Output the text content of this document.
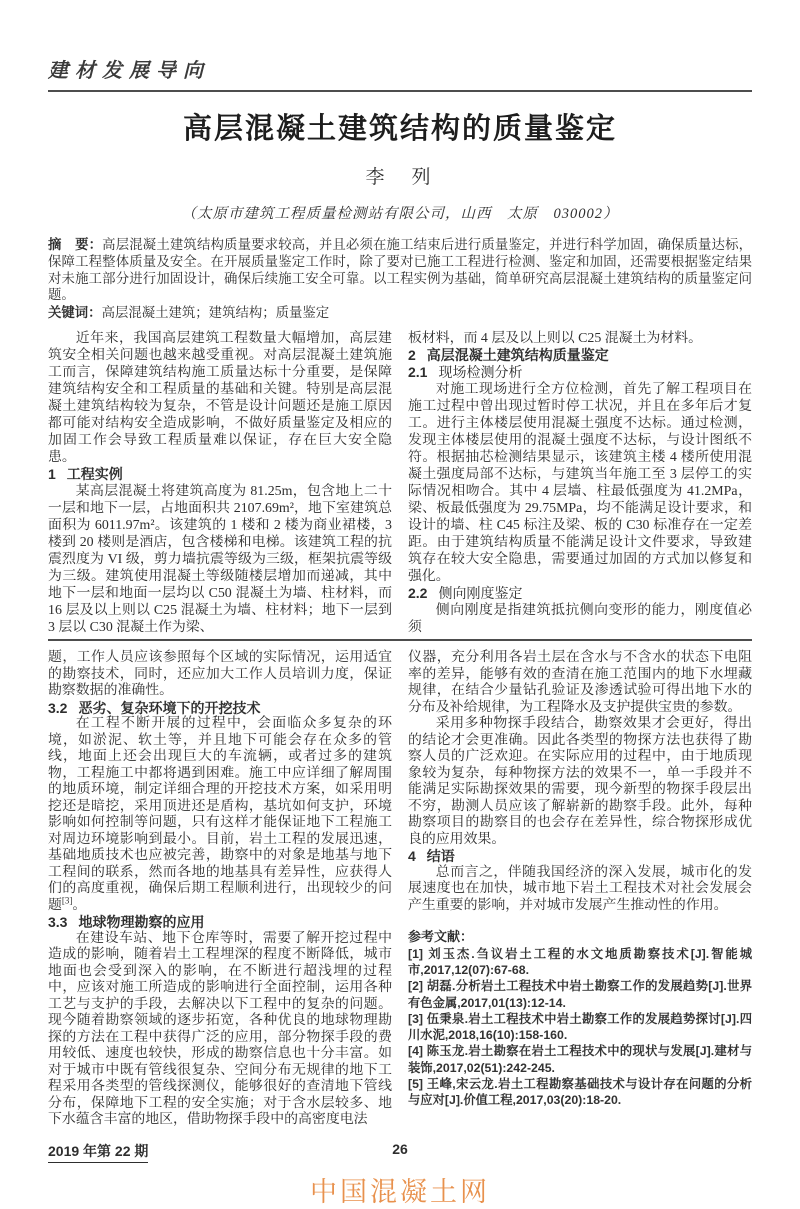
建材发展导向
高层混凝土建筑结构的质量鉴定
李　列
（太原市建筑工程质量检测站有限公司，山西　太原　030002）

摘　要：高层混凝土建筑结构质量要求较高，并且必须在施工结束后进行质量鉴定，并进行科学加固，确保质量达标，保障工程整体质量及安全。在开展质量鉴定工作时，除了要对已施工工程进行检测、鉴定和加固，还需要根据鉴定结果对未施工部分进行加固设计，确保后续施工安全可靠。以工程实例为基础，简单研究高层混凝土建筑结构的质量鉴定问题。

关键词：高层混凝土建筑；建筑结构；质量鉴定

近年来，我国高层建筑工程数量大幅增加，高层建筑安全相关问题也越来越受重视。对高层混凝土建筑施工而言，保障建筑结构施工质量达标十分重要，是保障建筑结构安全和工程质量的基础和关键。特别是高层混凝土建筑结构较为复杂，不管是设计问题还是施工原因都可能对结构安全造成影响，不做好质量鉴定及相应的加固工作会导致工程质量难以保证，存在巨大安全隐患。

1 工程实例

某高层混凝土将建筑高度为 81.25m，包含地上二十一层和地下一层，占地面积共 2107.69m²，地下室建筑总面积为 6011.97m²。该建筑的 1 楼和 2 楼为商业裙楼，3 楼到 20 楼则是酒店，包含楼梯和电梯。该建筑工程的抗震烈度为 VI 级，剪力墙抗震等级为三级，框架抗震等级为三级。建筑使用混凝土等级随楼层增加而递减，其中地下一层和地面一层均以 C50 混凝土为墙、柱材料，而 16 层及以上则以 C25 混凝土为墙、柱材料；地下一层到 3 层以 C30 混凝土作为梁、

板材料，而 4 层及以上则以 C25 混凝土为材料。

2 高层混凝土建筑结构质量鉴定
2.1 现场检测分析

对施工现场进行全方位检测，首先了解工程项目在施工过程中曾出现过暂时停工状况，并且在多年后才复工。进行主体楼层使用混凝土强度不达标。通过检测，发现主体楼层使用的混凝土强度不达标，与设计图纸不符。根据抽芯检测结果显示，该建筑主楼 4 楼所使用混凝土强度局部不达标，与建筑当年施工至 3 层停工的实际情况相吻合。其中 4 层墙、柱最低强度为 41.2MPa，梁、板最低强度为 29.75MPa，均不能满足设计要求，和设计的墙、柱 C45 标注及梁、板的 C30 标准存在一定差距。由于建筑结构质量不能满足设计文件要求，导致建筑存在较大安全隐患，需要通过加固的方式加以修复和强化。

2.2 侧向刚度鉴定

侧向刚度是指建筑抵抗侧向变形的能力，刚度值必须

题，工作人员应该参照每个区域的实际情况，运用适宜的勘察技术，同时，还应加大工作人员培训力度，保证勘察数据的准确性。

3.2 恶劣、复杂环境下的开挖技术

在工程不断开展的过程中，会面临众多复杂的环境，如淤泥、软土等，并且地下可能会存在众多的管线，地面上还会出现巨大的车流辆，或者过多的建筑物，工程施工中都将遇到困难。施工中应详细了解周围的地质环境，制定详细合理的开挖技术方案，如采用明挖还是暗挖，采用顶进还是盾构，基坑如何支护，环境影响如何控制等问题，只有这样才能保证地下工程施工对周边环境影响到最小。目前，岩土工程的发展迅速，基础地质技术也应被完善，勘察中的对象是地基与地下工程间的联系，然而各地的地基具有差异性，应获得人们的高度重视，确保后期工程顺利进行，出现较少的问题[3]。

3.3 地球物理勘察的应用

在建设车站、地下仓库等时，需要了解开挖过程中造成的影响，随着岩土工程埋深的程度不断降低，城市地面也会受到深入的影响，在不断进行超浅埋的过程中，应该对施工所造成的影响进行全面控制，运用各种工艺与支护的手段，去解决以下工程中的复杂的问题。现今随着勘察领域的逐步拓宽，各种优良的地球物理勘探的方法在工程中获得广泛的应用，部分物探手段的费用较低、速度也较快，形成的勘察信息也十分丰富。如对于城市中既有管线很复杂、空间分布无规律的地下工程采用各类型的管线探测仪，能够很好的查清地下管线分布，保障地下工程的安全实施；对于含水层较多、地下水蕴含丰富的地区，借助物探手段中的高密度电法

仪器，充分利用各岩土层在含水与不含水的状态下电阻率的差异，能够有效的查清在施工范围内的地下水埋藏规律，在结合少量钻孔验证及渗透试验可得出地下水的分布及补给规律，为工程降水及支护提供宝贵的参数。

采用多种物探手段结合，勘察效果才会更好，得出的结论才会更准确。因此各类型的物探方法也获得了勘察人员的广泛欢迎。在实际应用的过程中，由于地质现象较为复杂，每种物探方法的效果不一，单一手段并不能满足实际勘探效果的需要，现今新型的物探手段层出不穷，勘测人员应该了解崭新的勘察手段。此外，每种勘察项目的勘察目的也会存在差异性，综合物探形成优良的应用效果。

4 结语

总而言之，伴随我国经济的深入发展，城市化的发展速度也在加快，城市地下岩土工程技术对社会发展会产生重要的影响，并对城市发展产生推动性的作用。

参考文献：

[1] 刘玉杰.刍议岩土工程的水文地质勘察技术[J].智能城市,2017,12(07):67-68.

[2] 胡磊.分析岩土工程技术中岩土勘察工作的发展趋势[J].世界有色金属,2017,01(13):12-14.

[3] 伍秉泉.岩土工程技术中岩土勘察工作的发展趋势探讨[J].四川水泥,2018,16(10):158-160.

[4] 陈玉龙.岩土勘察在岩土工程技术中的现状与发展[J].建材与装饰,2017,02(51):242-245.

[5] 王峰,宋云龙.岩土工程勘察基础技术与设计存在问题的分析与应对[J].价值工程,2017,03(20):18-20.

2019 年第 22 期	26
中国混凝土网
